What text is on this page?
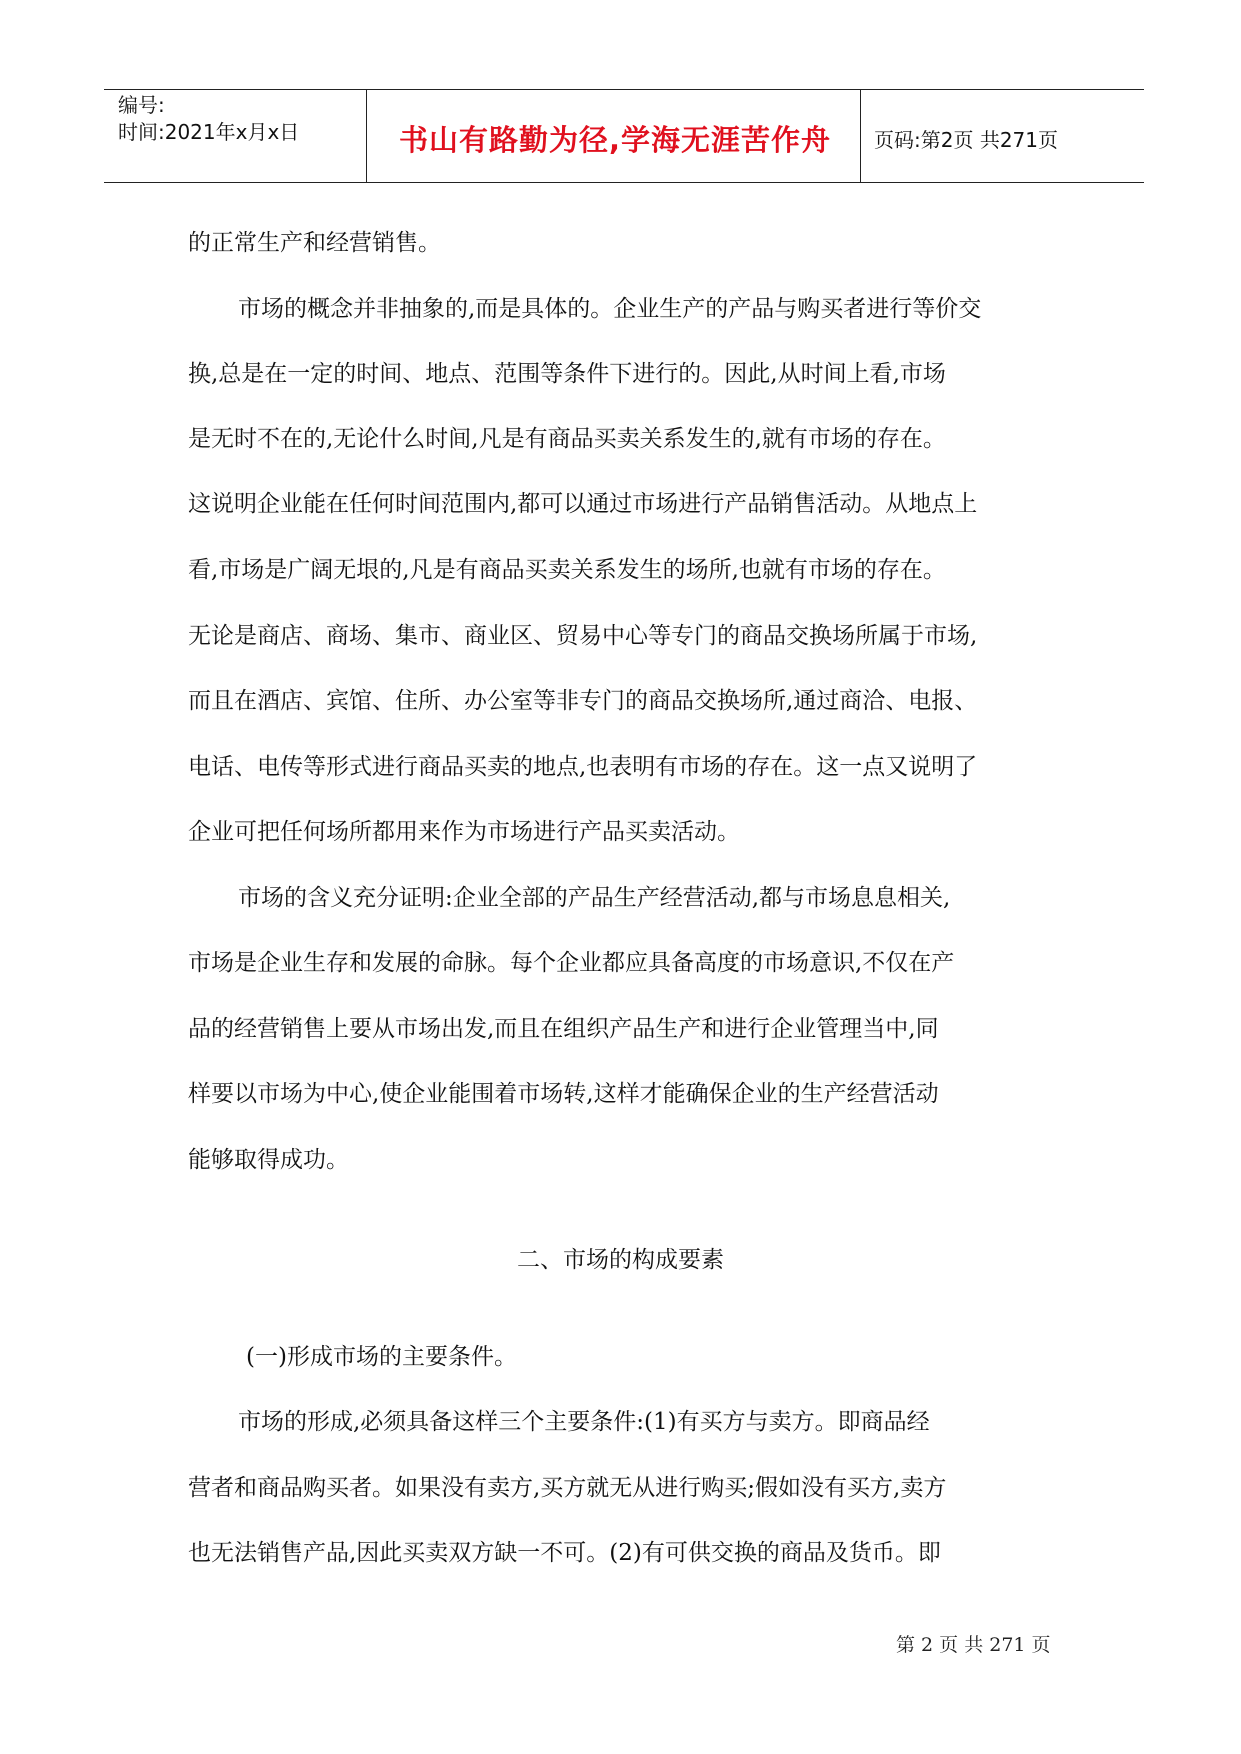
编号:
时间:2021年x月x日	书山有路勤为径,学海无涯苦作舟	页码:第2页 共271页
的正常生产和经营销售。
市场的概念并非抽象的,而是具体的。企业生产的产品与购买者进行等价交
换,总是在一定的时间、地点、范围等条件下进行的。因此,从时间上看,市场
是无时不在的,无论什么时间,凡是有商品买卖关系发生的,就有市场的存在。
这说明企业能在任何时间范围内,都可以通过市场进行产品销售活动。从地点上
看,市场是广阔无垠的,凡是有商品买卖关系发生的场所,也就有市场的存在。
无论是商店、商场、集市、商业区、贸易中心等专门的商品交换场所属于市场,
而且在酒店、宾馆、住所、办公室等非专门的商品交换场所,通过商洽、电报、
电话、电传等形式进行商品买卖的地点,也表明有市场的存在。这一点又说明了
企业可把任何场所都用来作为市场进行产品买卖活动。
市场的含义充分证明:企业全部的产品生产经营活动,都与市场息息相关,
市场是企业生存和发展的命脉。每个企业都应具备高度的市场意识,不仅在产
品的经营销售上要从市场出发,而且在组织产品生产和进行企业管理当中,同
样要以市场为中心,使企业能围着市场转,这样才能确保企业的生产经营活动
能够取得成功。
二、市场的构成要素
(一)形成市场的主要条件。
市场的形成,必须具备这样三个主要条件:(1)有买方与卖方。即商品经
营者和商品购买者。如果没有卖方,买方就无从进行购买;假如没有买方,卖方
也无法销售产品,因此买卖双方缺一不可。(2)有可供交换的商品及货币。即
第 2 页 共 271 页
